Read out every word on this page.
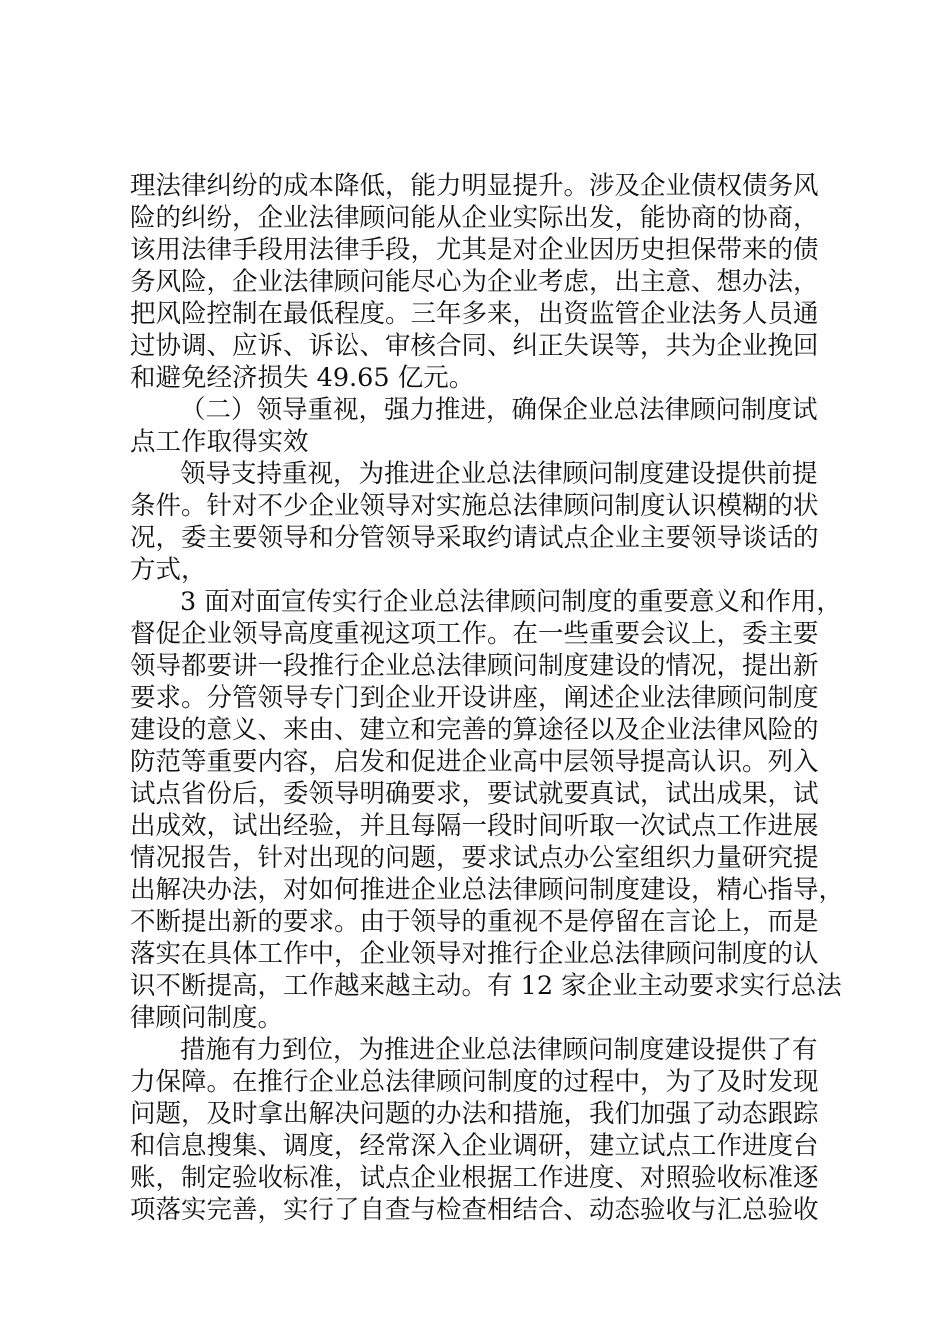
理法律纠纷的成本降低，能力明显提升。涉及企业债权债务风
险的纠纷，企业法律顾问能从企业实际出发，能协商的协商，
该用法律手段用法律手段，尤其是对企业因历史担保带来的债
务风险，企业法律顾问能尽心为企业考虑，出主意、想办法，
把风险控制在最低程度。三年多来，出资监管企业法务人员通
过协调、应诉、诉讼、审核合同、纠正失误等，共为企业挽回
和避免经济损失 49.65 亿元。
（二）领导重视，强力推进，确保企业总法律顾问制度试
点工作取得实效
领导支持重视，为推进企业总法律顾问制度建设提供前提
条件。针对不少企业领导对实施总法律顾问制度认识模糊的状
况，委主要领导和分管领导采取约请试点企业主要领导谈话的
方式，
3 面对面宣传实行企业总法律顾问制度的重要意义和作用，
督促企业领导高度重视这项工作。在一些重要会议上，委主要
领导都要讲一段推行企业总法律顾问制度建设的情况，提出新
要求。分管领导专门到企业开设讲座，阐述企业法律顾问制度
建设的意义、来由、建立和完善的算途径以及企业法律风险的
防范等重要内容，启发和促进企业高中层领导提高认识。列入
试点省份后，委领导明确要求，要试就要真试，试出成果，试
出成效，试出经验，并且每隔一段时间听取一次试点工作进展
情况报告，针对出现的问题，要求试点办公室组织力量研究提
出解决办法，对如何推进企业总法律顾问制度建设，精心指导，
不断提出新的要求。由于领导的重视不是停留在言论上，而是
落实在具体工作中，企业领导对推行企业总法律顾问制度的认
识不断提高，工作越来越主动。有 12 家企业主动要求实行总法
律顾问制度。
措施有力到位，为推进企业总法律顾问制度建设提供了有
力保障。在推行企业总法律顾问制度的过程中，为了及时发现
问题，及时拿出解决问题的办法和措施，我们加强了动态跟踪
和信息搜集、调度，经常深入企业调研，建立试点工作进度台
账，制定验收标准，试点企业根据工作进度、对照验收标准逐
项落实完善，实行了自查与检查相结合、动态验收与汇总验收
